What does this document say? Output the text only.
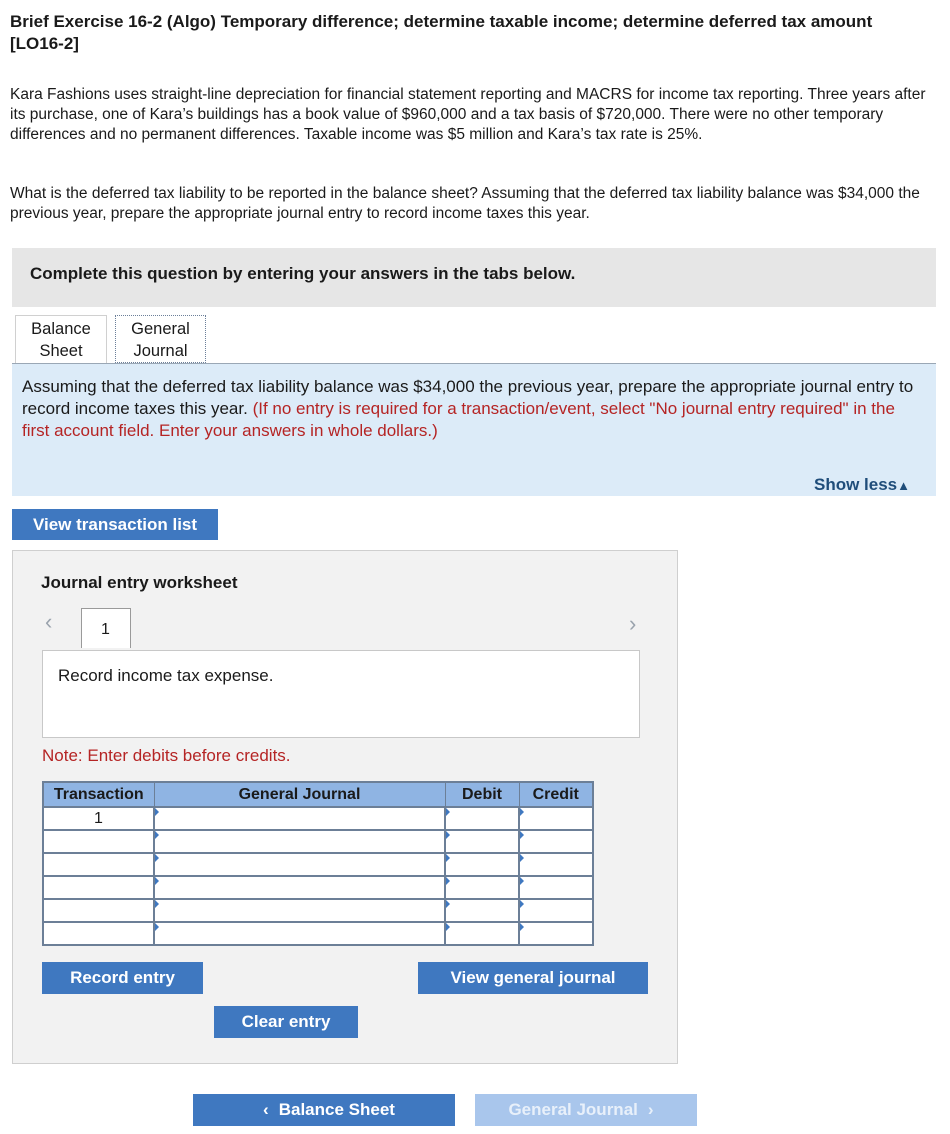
Brief Exercise 16-2 (Algo) Temporary difference; determine taxable income; determine deferred tax amount [LO16-2]
Kara Fashions uses straight-line depreciation for financial statement reporting and MACRS for income tax reporting. Three years after its purchase, one of Kara’s buildings has a book value of $960,000 and a tax basis of $720,000. There were no other temporary differences and no permanent differences. Taxable income was $5 million and Kara’s tax rate is 25%.
What is the deferred tax liability to be reported in the balance sheet? Assuming that the deferred tax liability balance was $34,000 the previous year, prepare the appropriate journal entry to record income taxes this year.
Complete this question by entering your answers in the tabs below.
Balance
Sheet
General
Journal
Assuming that the deferred tax liability balance was $34,000 the previous year, prepare the appropriate journal entry to record income taxes this year. (If no entry is required for a transaction/event, select "No journal entry required" in the first account field. Enter your answers in whole dollars.)
Show less▲
View transaction list
Journal entry worksheet
‹	1	›
Record income tax expense.
Note: Enter debits before credits.
Transaction	General Journal	Debit	Credit
1			

Record entry	View general journal
Clear entry
‹ Balance Sheet	General Journal ›
